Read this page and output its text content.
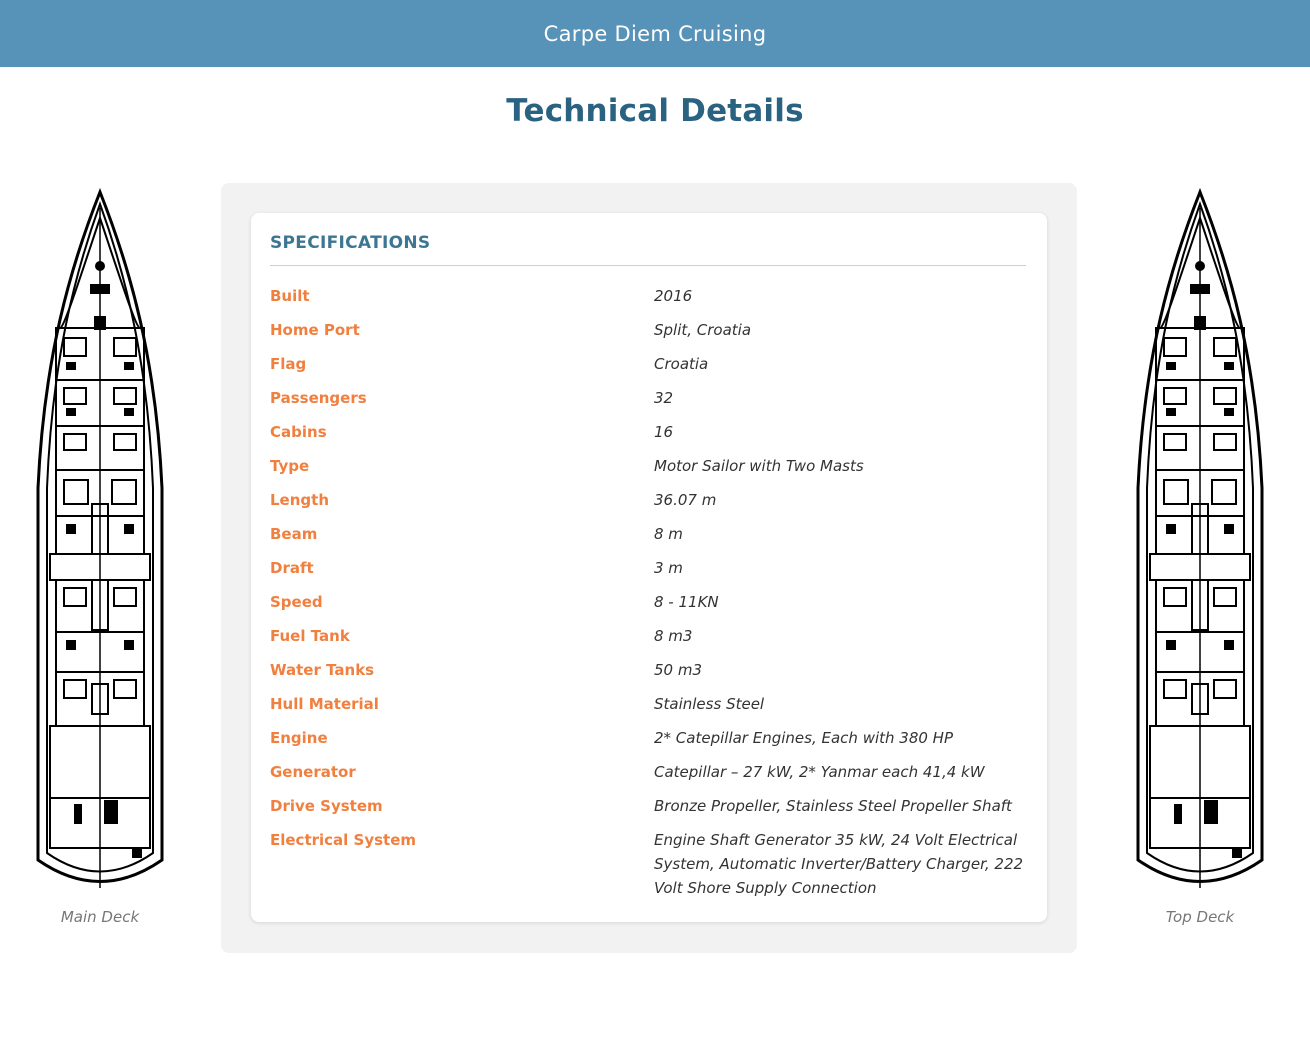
Carpe Diem Cruising
Technical Details
Main Deck
SPECIFICATIONS
Built	2016
Home Port	Split, Croatia
Flag	Croatia
Passengers	32
Cabins	16
Type	Motor Sailor with Two Masts
Length	36.07 m
Beam	8 m
Draft	3 m
Speed	8 - 11KN
Fuel Tank	8 m3
Water Tanks	50 m3
Hull Material	Stainless Steel
Engine	2* Catepillar Engines, Each with 380 HP
Generator	Catepillar – 27 kW, 2* Yanmar each 41,4 kW
Drive System	Bronze Propeller, Stainless Steel Propeller Shaft
Electrical System	Engine Shaft Generator 35 kW, 24 Volt Electrical System, Automatic Inverter/Battery Charger, 222 Volt Shore Supply Connection
Top Deck
